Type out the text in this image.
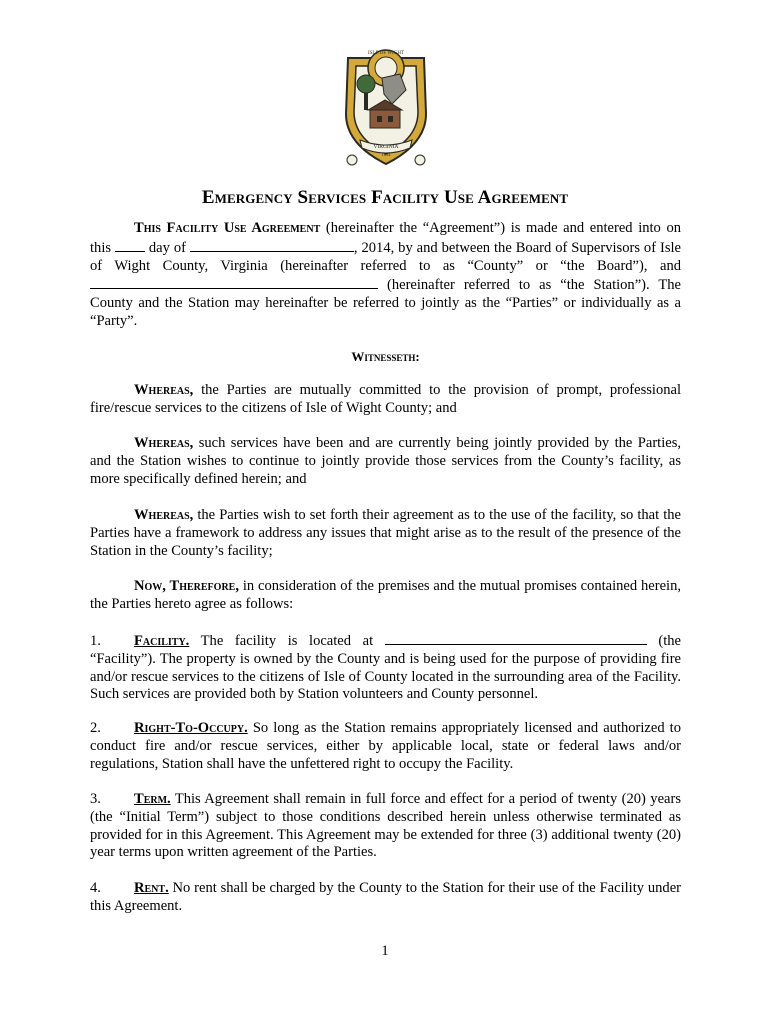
ISLE OF WIGHT
VIRGINIA
1634
Emergency Services Facility Use Agreement

This Facility Use Agreement (hereinafter the “Agreement”) is made and entered into on this  day of	, 2014, by and between the Board of Supervisors of Isle of Wight County, Virginia (hereinafter referred to as “County” or “the Board”), and  (hereinafter referred to as “the Station”). The County and the Station may hereinafter be referred to jointly as the “Parties” or individually as a “Party”.

Witnesseth:

Whereas, the Parties are mutually committed to the provision of prompt, professional fire/rescue services to the citizens of Isle of Wight County; and

Whereas, such services have been and are currently being jointly provided by the Parties, and the Station wishes to continue to jointly provide those services from the County’s facility, as more specifically defined herein; and

Whereas, the Parties wish to set forth their agreement as to the use of the facility, so that the Parties have a framework to address any issues that might arise as to the result of the presence of the Station in the County’s facility;

Now, Therefore, in consideration of the premises and the mutual promises contained herein, the Parties hereto agree as follows:

1. Facility. The facility is located at	(the “Facility”). The property is owned by the County and is being used for the purpose of providing fire and/or rescue services to the citizens of Isle of County located in the surrounding area of the Facility. Such services are provided both by Station volunteers and County personnel.

2. Right-To-Occupy. So long as the Station remains appropriately licensed and authorized to conduct fire and/or rescue services, either by applicable local, state or federal laws and/or regulations, Station shall have the unfettered right to occupy the Facility.

3. Term. This Agreement shall remain in full force and effect for a period of twenty (20) years (the “Initial Term”) subject to those conditions described herein unless otherwise terminated as provided for in this Agreement. This Agreement may be extended for three (3) additional twenty (20) year terms upon written agreement of the Parties.

4. Rent. No rent shall be charged by the County to the Station for their use of the Facility under this Agreement.

1
